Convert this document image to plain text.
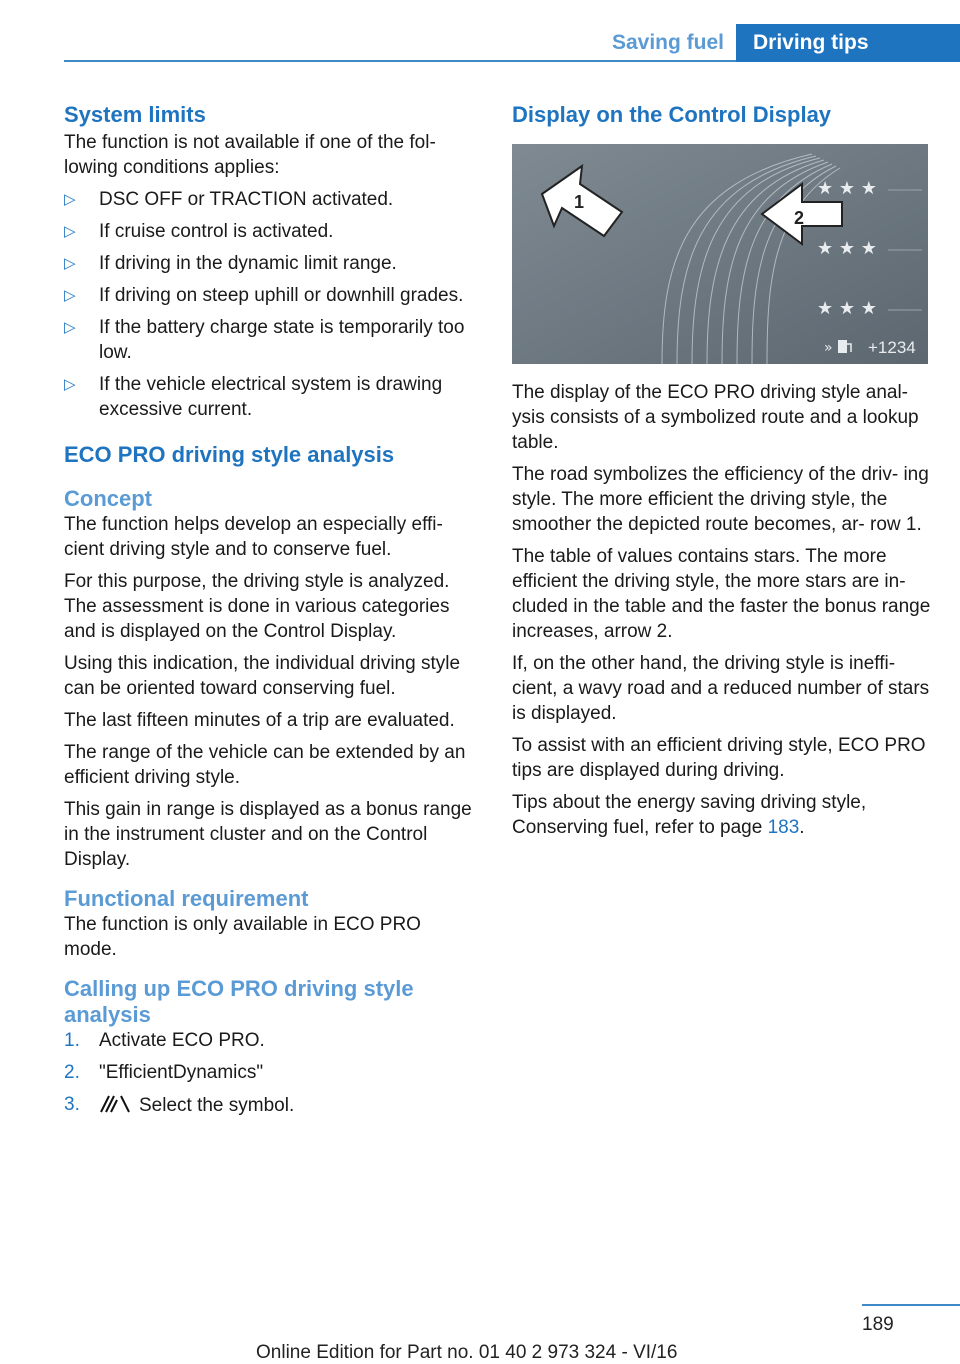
Saving fuel	Driving tips
System limits

The function is not available if one of the fol‐ lowing conditions applies:

▷ DSC OFF or TRACTION activated.
▷ If cruise control is activated.
▷ If driving in the dynamic limit range.
▷ If driving on steep uphill or downhill grades.
▷ If the battery charge state is temporarily too low.
▷ If the vehicle electrical system is drawing excessive current.
ECO PRO driving style analysis
Concept

The function helps develop an especially effi‐ cient driving style and to conserve fuel.

For this purpose, the driving style is analyzed. The assessment is done in various categories and is displayed on the Control Display.

Using this indication, the individual driving style can be oriented toward conserving fuel.

The last fifteen minutes of a trip are evaluated.

The range of the vehicle can be extended by an efficient driving style.

This gain in range is displayed as a bonus range in the instrument cluster and on the Control Display.

Functional requirement

The function is only available in ECO PRO mode.

Calling up ECO PRO driving style analysis
1. Activate ECO PRO.
2. "EfficientDynamics"
3.	Select the symbol.
Display on the Control Display
1
2
★ ★ ★
★ ★ ★
★ ★ ★
» +1234

The display of the ECO PRO driving style anal‐ ysis consists of a symbolized route and a lookup table.

The road symbolizes the efficiency of the driv‐ ing style. The more efficient the driving style, the smoother the depicted route becomes, ar‐ row 1.

The table of values contains stars. The more efficient the driving style, the more stars are in‐ cluded in the table and the faster the bonus range increases, arrow 2.

If, on the other hand, the driving style is ineffi‐ cient, a wavy road and a reduced number of stars is displayed.

To assist with an efficient driving style, ECO PRO tips are displayed during driving.

Tips about the energy saving driving style, Conserving fuel, refer to page 183.

189
Online Edition for Part no. 01 40 2 973 324 - VI/16
